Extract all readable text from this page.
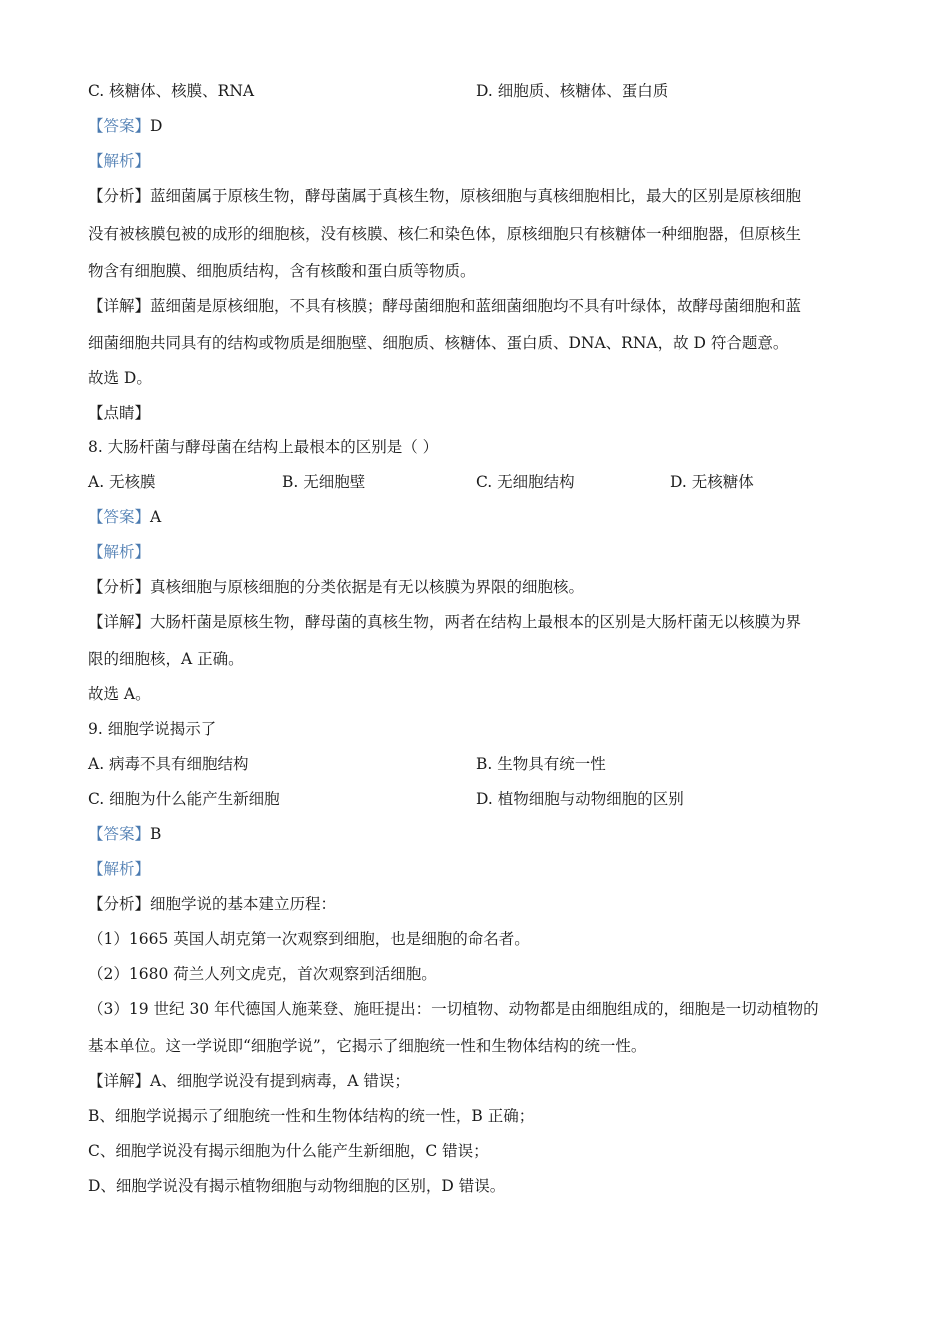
C. 核糖体、核膜、RNA	D. 细胞质、核糖体、蛋白质
【答案】D
【解析】
【分析】蓝细菌属于原核生物，酵母菌属于真核生物，原核细胞与真核细胞相比，最大的区别是原核细胞
没有被核膜包被的成形的细胞核，没有核膜、核仁和染色体，原核细胞只有核糖体一种细胞器，但原核生
物含有细胞膜、细胞质结构，含有核酸和蛋白质等物质。
【详解】蓝细菌是原核细胞，不具有核膜；酵母菌细胞和蓝细菌细胞均不具有叶绿体，故酵母菌细胞和蓝
细菌细胞共同具有的结构或物质是细胞壁、细胞质、核糖体、蛋白质、DNA、RNA，故 D 符合题意。
故选 D。
【点睛】
8. 大肠杆菌与酵母菌在结构上最根本的区别是（ ）
A. 无核膜	B. 无细胞壁	C. 无细胞结构	D. 无核糖体
【答案】A
【解析】
【分析】真核细胞与原核细胞的分类依据是有无以核膜为界限的细胞核。
【详解】大肠杆菌是原核生物，酵母菌的真核生物，两者在结构上最根本的区别是大肠杆菌无以核膜为界
限的细胞核，A 正确。
故选 A。
9. 细胞学说揭示了
A. 病毒不具有细胞结构	B. 生物具有统一性
C. 细胞为什么能产生新细胞	D. 植物细胞与动物细胞的区别
【答案】B
【解析】
【分析】细胞学说的基本建立历程：
（1）1665 英国人胡克第一次观察到细胞，也是细胞的命名者。
（2）1680 荷兰人列文虎克，首次观察到活细胞。
（3）19 世纪 30 年代德国人施莱登、施旺提出：一切植物、动物都是由细胞组成的，细胞是一切动植物的
基本单位。这一学说即“细胞学说”，它揭示了细胞统一性和生物体结构的统一性。
【详解】A、细胞学说没有提到病毒，A 错误；
B、细胞学说揭示了细胞统一性和生物体结构的统一性，B 正确；
C、细胞学说没有揭示细胞为什么能产生新细胞，C 错误；
D、细胞学说没有揭示植物细胞与动物细胞的区别，D 错误。
